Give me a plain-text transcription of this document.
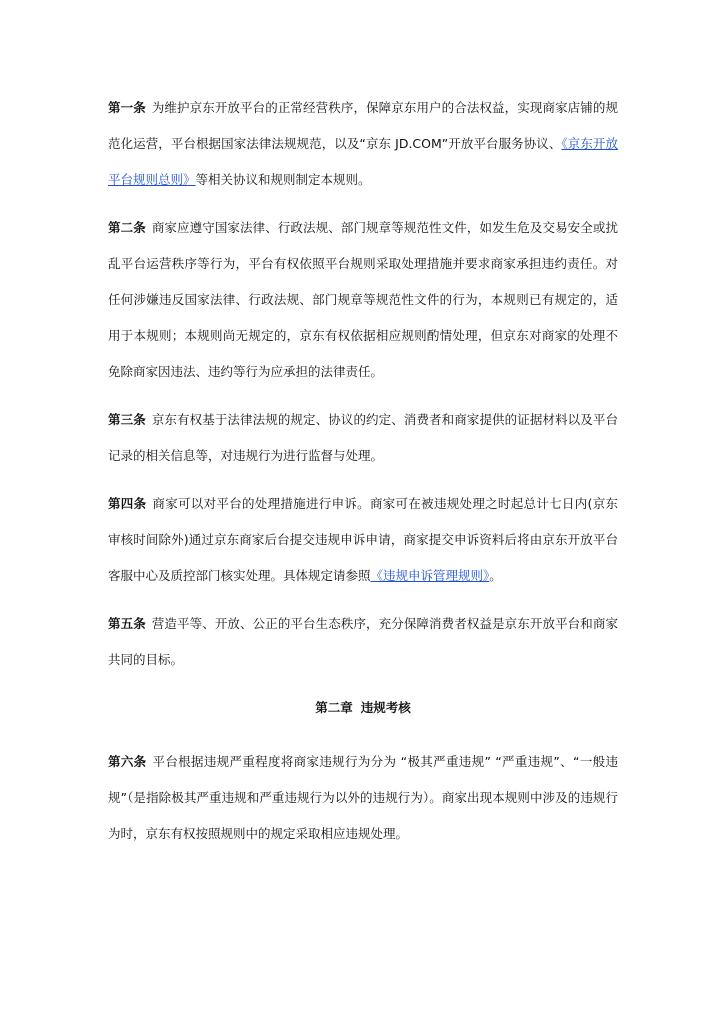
第一条 为维护京东开放平台的正常经营秩序，保障京东用户的合法权益，实现商家店铺的规范化运营，平台根据国家法律法规规范，以及“京东 JD.COM”开放平台服务协议、《京东开放平台规则总则》等相关协议和规则制定本规则。

第二条 商家应遵守国家法律、行政法规、部门规章等规范性文件，如发生危及交易安全或扰乱平台运营秩序等行为，平台有权依照平台规则采取处理措施并要求商家承担违约责任。对任何涉嫌违反国家法律、行政法规、部门规章等规范性文件的行为，本规则已有规定的，适用于本规则；本规则尚无规定的，京东有权依据相应规则酌情处理，但京东对商家的处理不免除商家因违法、违约等行为应承担的法律责任。

第三条 京东有权基于法律法规的规定、协议的约定、消费者和商家提供的证据材料以及平台记录的相关信息等，对违规行为进行监督与处理。

第四条 商家可以对平台的处理措施进行申诉。商家可在被违规处理之时起总计七日内(京东审核时间除外)通过京东商家后台提交违规申诉申请，商家提交申诉资料后将由京东开放平台客服中心及质控部门核实处理。具体规定请参照《违规申诉管理规则》。

第五条 营造平等、开放、公正的平台生态秩序，充分保障消费者权益是京东开放平台和商家共同的目标。

第二章 违规考核

第六条 平台根据违规严重程度将商家违规行为分为 “极其严重违规” “严重违规”、“一般违规”（是指除极其严重违规和严重违规行为以外的违规行为）。商家出现本规则中涉及的违规行为时，京东有权按照规则中的规定采取相应违规处理。
